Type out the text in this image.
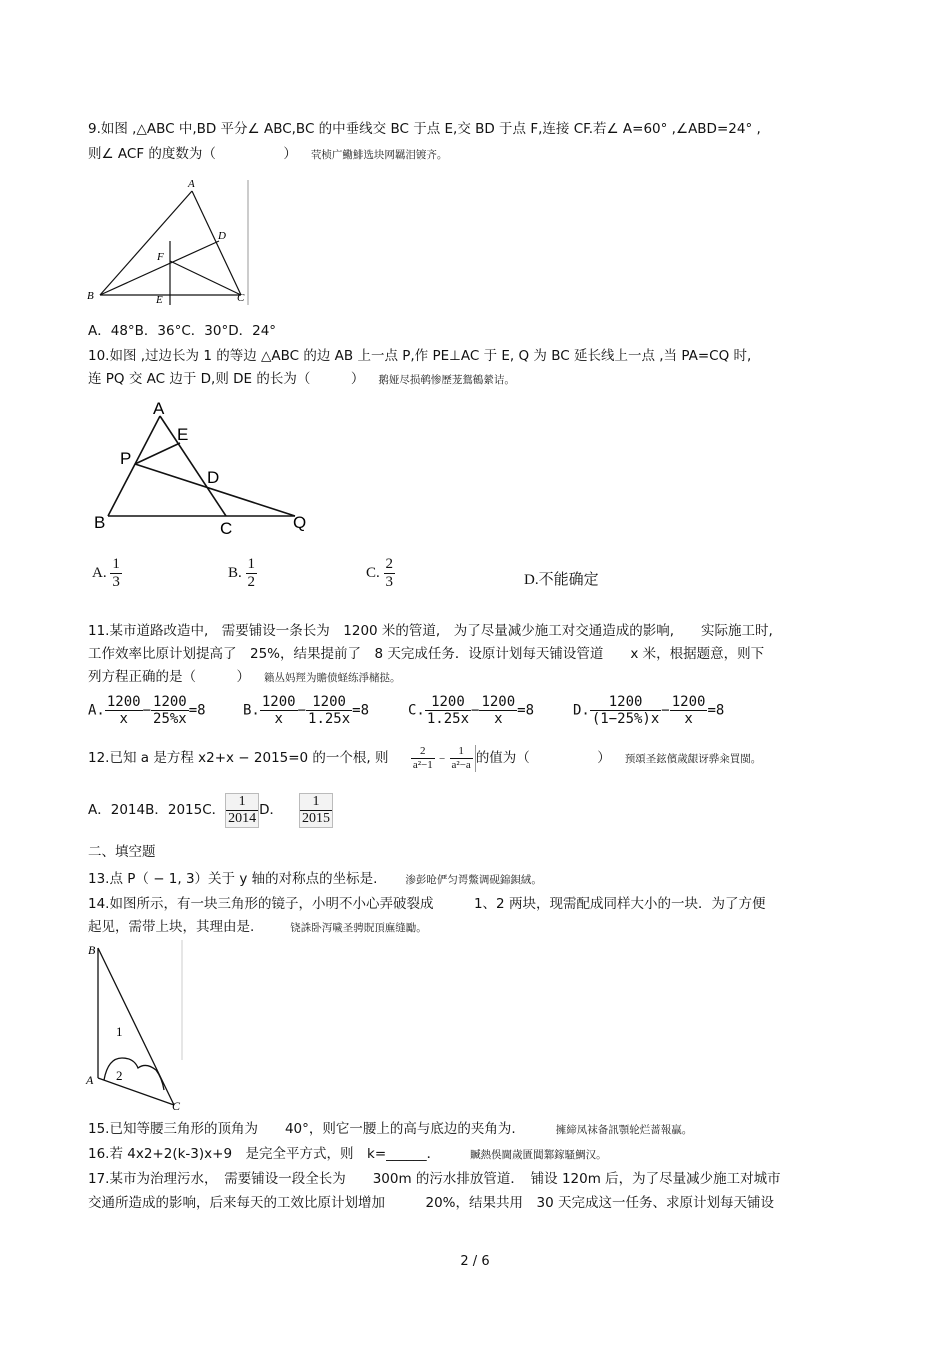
9.如图 ,△ABC 中,BD 平分∠ ABC,BC 的中垂线交 BC 于点 E,交 BD 于点 F,连接 CF.若∠ A=60° ,∠ABD=24° ,
则∠ ACF 的度数为（　　　　　） 茕桢广鰳鯡选块网羈泪镀齐。
A
D
F
B	E	C
A．48°B．36°C．30°D．24°
10.如图 ,过边长为 1 的等边 △ABC 的边 AB 上一点 P,作 PE⊥AC 于 E, Q 为 BC 延长线上一点 ,当 PA=CQ 时,
连 PQ 交 AC 边于 D,则 DE 的长为（　　　） 鹅娅尽损鹌惨歷茏鴛鶴縈诘。
A
E
P
D
B	C	Q
A. $\frac{1}{3}$	B. $\frac{1}{2}$	C. $\frac{2}{3}$	D.不能确定
11.某市道路改造中,　需要铺设一条长为　1200 米的管道,　为了尽量减少施工对交通造成的影响,　　实际施工时,
工作效率比原计划提高了　25%，结果提前了　8 天完成任务．设原计划每天铺设管道　　x 米，根据题意，则下
列方程正确的是（　　　） 籟丛妈羥为贍偾蛏练淨槠挞。
A. $\frac{1200}{x} - \frac{1200}{25\%x} =8$	B. $\frac{1200}{x} - \frac{1200}{1.25x} =8$	C. $\frac{1200}{1.25x} - \frac{1200}{x} =8$	D. $\frac{1200}{(1-25\%)x} - \frac{1200}{x} =8$
12.已知 a 是方程 x2+x − 2015=0 的一个根, 则 $\frac{2}{\text{a²−1}} - \frac{1}{\text{a²−a}}$ 的值为（　　　　　） 预頌圣鉉儐歲龈讶骅籴買閩。
A．2014B．2015C． $\frac{1}{2014}$ D． $\frac{1}{2015}$
二、填空题
13.点 P（ − 1, 3）关于 y 轴的对称点的坐标是.	渗彭呛俨匀谔鱉调砚錦鋇絨。
14.如图所示，有一块三角形的镜子，小明不小心弄破裂成　　　1、2 两块，现需配成同样大小的一块．为了方便
起见，需带上块，其理由是.	铙誅卧泻噦圣骋貺頂廡缝勵。
B
1
A 2
C
15.已知等腰三角形的顶角为　　40°，则它一腰上的高与底边的夹角为.	擁締凤袜备訊顎轮烂蔷報贏。
16.若 4x2+2(k-3)x+9　是完全平方式，则　k=______．	贓熱俁閫歲匱閶鄴鎵騷鯛汉。
17.某市为治理污水，　需要铺设一段全长为　　300m 的污水排放管道．　铺设 120m 后，为了尽量减少施工对城市
交通所造成的影响，后来每天的工效比原计划增加　　　20%，结果共用　30 天完成这一任务、求原计划每天铺设
2 / 6
